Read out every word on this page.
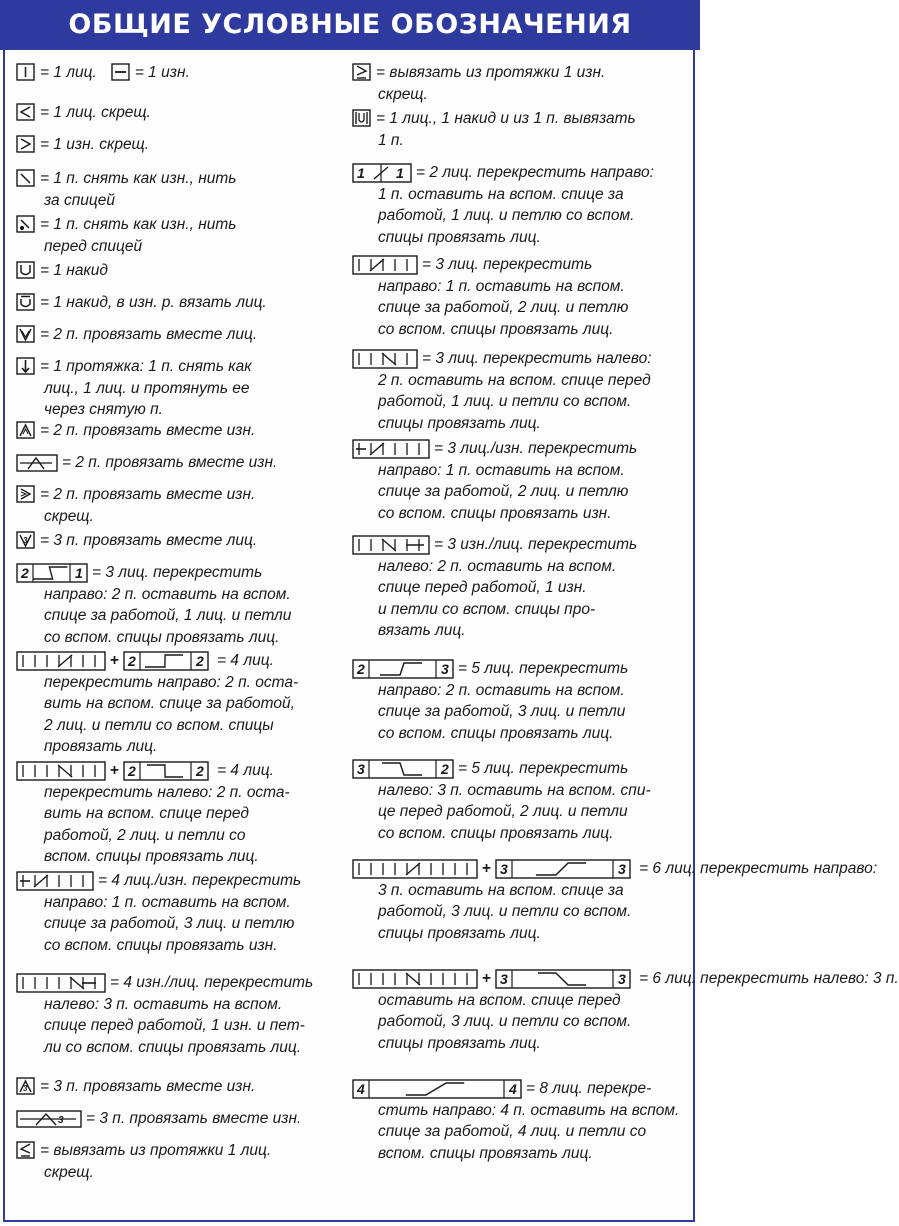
ОБЩИЕ УСЛОВНЫЕ ОБОЗНАЧЕНИЯ
= 1 лиц. = 1 изн.
= 1 лиц. скрещ.
= 1 изн. скрещ.
= 1 п. снять как изн., нить
за спицей
= 1 п. снять как изн., нить
перед спицей
= 1 накид
= 1 накид, в изн. р. вязать лиц.
= 2 п. провязать вместе лиц.
= 1 протяжка: 1 п. снять как
лиц., 1 лиц. и протянуть ее
через снятую п.
= 2 п. провязать вместе изн.
= 2 п. провязать вместе изн.
= 2 п. провязать вместе изн.
скрещ.
3 = 3 п. провязать вместе лиц.
2	1 = 3 лиц. перекрестить
направо: 2 п. оставить на вспом.
спице за работой, 1 лиц. и петли
со вспом. спицы провязать лиц.
+ 2	2 = 4 лиц.
перекрестить направо: 2 п. оста-
вить на вспом. спице за работой,
2 лиц. и петли со вспом. спицы
провязать лиц.
+ 2	2 = 4 лиц.
перекрестить налево: 2 п. оста-
вить на вспом. спице перед
работой, 2 лиц. и петли со
вспом. спицы провязать лиц.
= 4 лиц./изн. перекрестить
направо: 1 п. оставить на вспом.
спице за работой, 3 лиц. и петлю
со вспом. спицы провязать изн.
= 4 изн./лиц. перекрестить
налево: 3 п. оставить на вспом.
спице перед работой, 1 изн. и пет-
ли со вспом. спицы провязать лиц.
3 = 3 п. провязать вместе изн.
3 = 3 п. провязать вместе изн.
= вывязать из протяжки 1 лиц.
скрещ.
= вывязать из протяжки 1 изн.
скрещ.
= 1 лиц., 1 накид и из 1 п. вывязать
1 п.
1 1 = 2 лиц. перекрестить направо:
1 п. оставить на вспом. спице за
работой, 1 лиц. и петлю со вспом.
спицы провязать лиц.
= 3 лиц. перекрестить
направо: 1 п. оставить на вспом.
спице за работой, 2 лиц. и петлю
со вспом. спицы провязать лиц.
= 3 лиц. перекрестить налево:
2 п. оставить на вспом. спице перед
работой, 1 лиц. и петли со вспом.
спицы провязать лиц.
= 3 лиц./изн. перекрестить
направо: 1 п. оставить на вспом.
спице за работой, 2 лиц. и петлю
со вспом. спицы провязать изн.
= 3 изн./лиц. перекрестить
налево: 2 п. оставить на вспом.
спице перед работой, 1 изн.
и петли со вспом. спицы про-
вязать лиц.
2	3 = 5 лиц. перекрестить
направо: 2 п. оставить на вспом.
спице за работой, 3 лиц. и петли
со вспом. спицы провязать лиц.
3	2 = 5 лиц. перекрестить
налево: 3 п. оставить на вспом. спи-
це перед работой, 2 лиц. и петли
со вспом. спицы провязать лиц.
+ 3	3 = 6 лиц. перекрестить направо:
3 п. оставить на вспом. спице за
работой, 3 лиц. и петли со вспом.
спицы провязать лиц.
+ 3	3 = 6 лиц. перекрестить налево: 3 п.
оставить на вспом. спице перед
работой, 3 лиц. и петли со вспом.
спицы провязать лиц.
4	4 = 8 лиц. перекре-
стить направо: 4 п. оставить на вспом.
спице за работой, 4 лиц. и петли со
вспом. спицы провязать лиц.
